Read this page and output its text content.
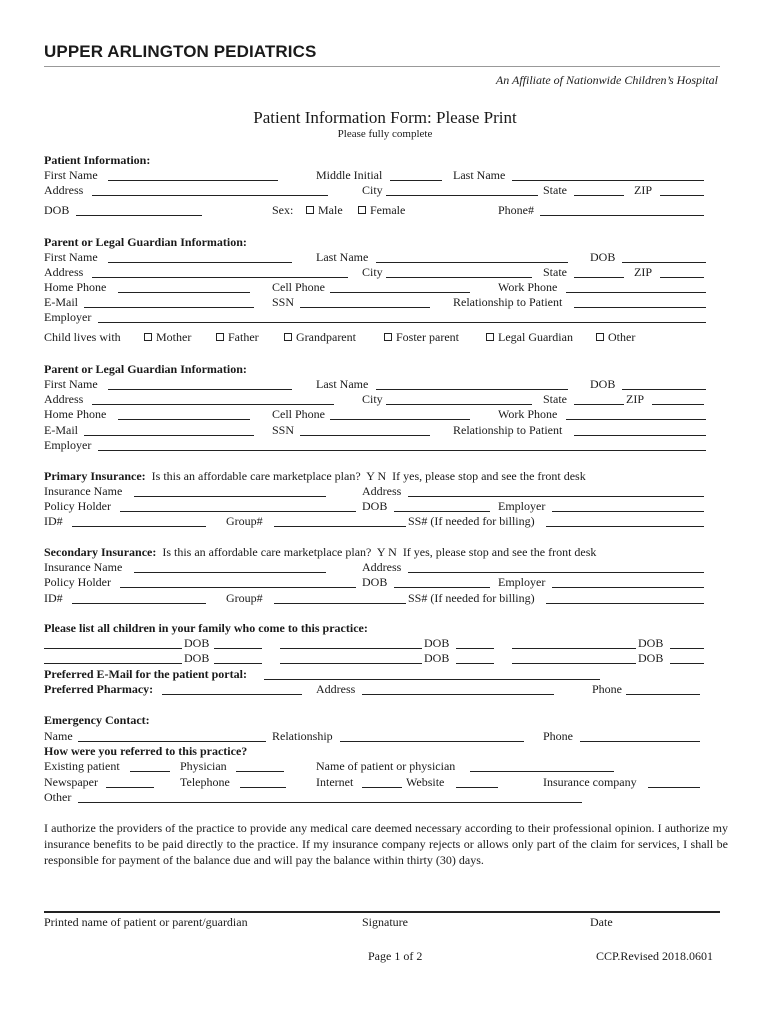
UPPER ARLINGTON PEDIATRICS
An Affiliate of Nationwide Children’s Hospital
Patient Information Form: Please Print
Please fully complete
Patient Information:
First Name	Middle Initial	Last Name
Address	City	State	ZIP
DOB	Sex:	Male	Female	Phone#
Parent or Legal Guardian Information:
First Name	Last Name	DOB
Address	City	State	ZIP
Home Phone	Cell Phone	Work Phone
E-Mail	SSN	Relationship to Patient
Employer
Child lives with	Mother	Father	Grandparent	Foster parent	Legal Guardian	Other
Parent or Legal Guardian Information:
First Name	Last Name	DOB
Address	City	State	ZIP
Home Phone	Cell Phone	Work Phone
E-Mail	SSN	Relationship to Patient
Employer
Primary Insurance: Is this an affordable care marketplace plan? Y N If yes, please stop and see the front desk
Insurance Name	Address
Policy Holder	DOB	Employer
ID#	Group#	SS# (If needed for billing)
Secondary Insurance: Is this an affordable care marketplace plan? Y N If yes, please stop and see the front desk
Insurance Name	Address
Policy Holder	DOB	Employer
ID#	Group#	SS# (If needed for billing)
Please list all children in your family who come to this practice:
DOB	DOB	DOB
DOB	DOB	DOB
Preferred E-Mail for the patient portal:
Preferred Pharmacy:	Address	Phone
Emergency Contact:
Name	Relationship	Phone
How were you referred to this practice?
Existing patient	Physician	Name of patient or physician
Newspaper	Telephone	Internet	Website	Insurance company
Other
I authorize the providers of the practice to provide any medical care deemed necessary according to their professional opinion. I authorize my insurance benefits to be paid directly to the practice. If my insurance company rejects or allows only part of the claim for services, I shall be responsible for payment of the balance due and will pay the balance within thirty (30) days.
Printed name of patient or parent/guardian	Signature	Date
Page 1 of 2	CCP.Revised 2018.0601
